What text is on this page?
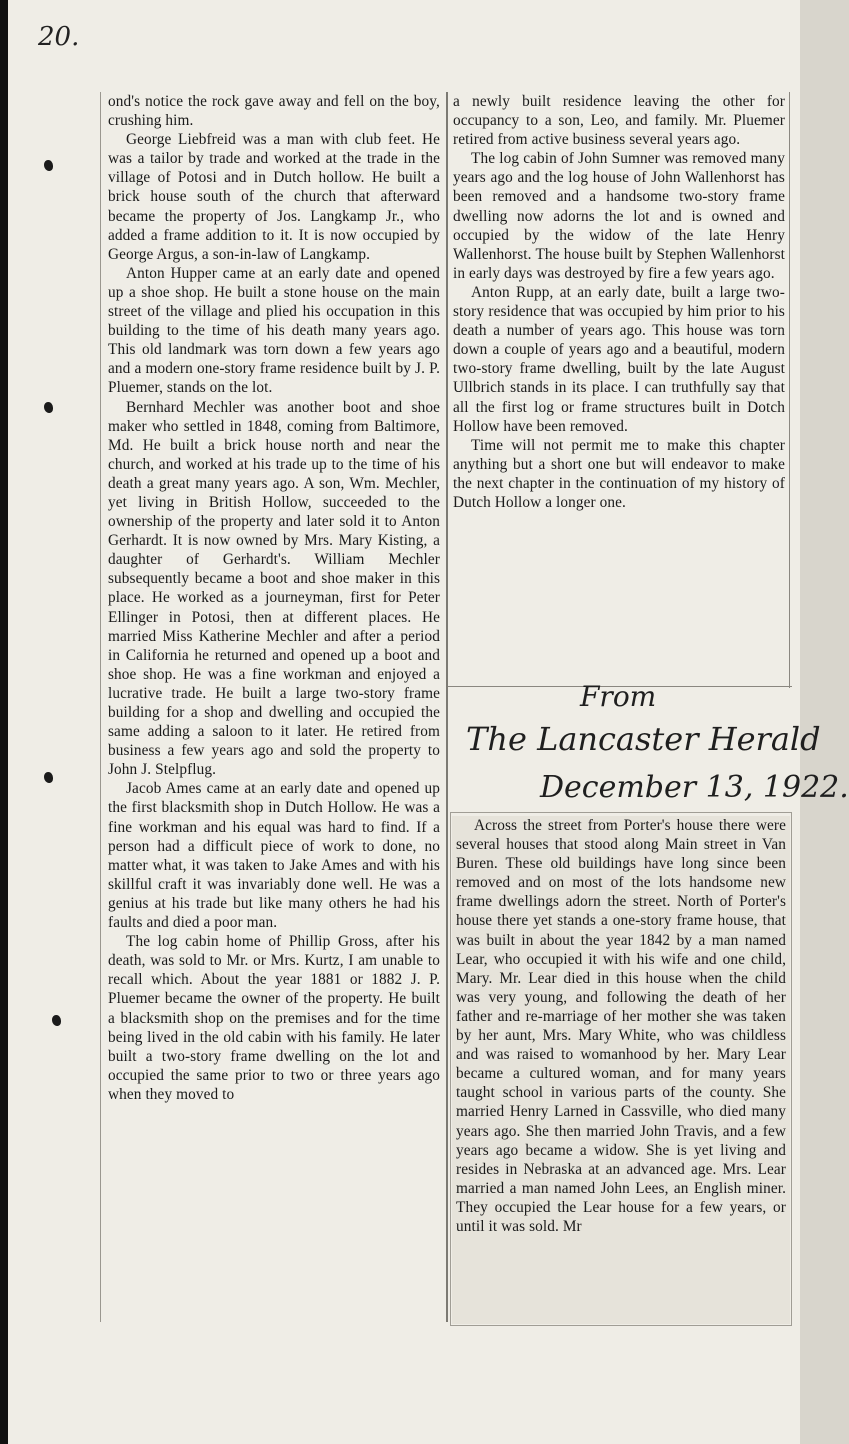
20.

ond's notice the rock gave away and fell on the boy, crushing him.

George Liebfreid was a man with club feet. He was a tailor by trade and worked at the trade in the village of Potosi and in Dutch hollow. He built a brick house south of the church that afterward became the property of Jos. Langkamp Jr., who added a frame addition to it. It is now occupied by George Argus, a son-in-law of Langkamp.

Anton Hupper came at an early date and opened up a shoe shop. He built a stone house on the main street of the village and plied his occupation in this building to the time of his death many years ago. This old landmark was torn down a few years ago and a modern one-story frame residence built by J. P. Pluemer, stands on the lot.

Bernhard Mechler was another boot and shoe maker who settled in 1848, coming from Baltimore, Md. He built a brick house north and near the church, and worked at his trade up to the time of his death a great many years ago. A son, Wm. Mechler, yet living in British Hollow, succeeded to the ownership of the property and later sold it to Anton Gerhardt. It is now owned by Mrs. Mary Kisting, a daughter of Gerhardt's. William Mechler subsequently became a boot and shoe maker in this place. He worked as a journeyman, first for Peter Ellinger in Potosi, then at different places. He married Miss Katherine Mechler and after a period in California he returned and opened up a boot and shoe shop. He was a fine workman and enjoyed a lucrative trade. He built a large two-story frame building for a shop and dwelling and occupied the same adding a saloon to it later. He retired from business a few years ago and sold the property to John J. Stelpflug.

Jacob Ames came at an early date and opened up the first blacksmith shop in Dutch Hollow. He was a fine workman and his equal was hard to find. If a person had a difficult piece of work to done, no matter what, it was taken to Jake Ames and with his skillful craft it was invariably done well. He was a genius at his trade but like many others he had his faults and died a poor man.

The log cabin home of Phillip Gross, after his death, was sold to Mr. or Mrs. Kurtz, I am unable to recall which. About the year 1881 or 1882 J. P. Pluemer became the owner of the property. He built a blacksmith shop on the premises and for the time being lived in the old cabin with his family. He later built a two-story frame dwelling on the lot and occupied the same prior to two or three years ago when they moved to

a newly built residence leaving the other for occupancy to a son, Leo, and family. Mr. Pluemer retired from active business several years ago.

The log cabin of John Sumner was removed many years ago and the log house of John Wallenhorst has been removed and a handsome two-story frame dwelling now adorns the lot and is owned and occupied by the widow of the late Henry Wallenhorst. The house built by Stephen Wallenhorst in early days was destroyed by fire a few years ago.

Anton Rupp, at an early date, built a large two-story residence that was occupied by him prior to his death a number of years ago. This house was torn down a couple of years ago and a beautiful, modern two-story frame dwelling, built by the late August Ullbrich stands in its place. I can truthfully say that all the first log or frame structures built in Dotch Hollow have been removed.

Time will not permit me to make this chapter anything but a short one but will endeavor to make the next chapter in the continuation of my history of Dutch Hollow a longer one.

From
The Lancaster Herald
December 13, 1922.

Across the street from Porter's house there were several houses that stood along Main street in Van Buren. These old buildings have long since been removed and on most of the lots handsome new frame dwellings adorn the street. North of Porter's house there yet stands a one-story frame house, that was built in about the year 1842 by a man named Lear, who occupied it with his wife and one child, Mary. Mr. Lear died in this house when the child was very young, and following the death of her father and re-marriage of her mother she was taken by her aunt, Mrs. Mary White, who was childless and was raised to womanhood by her. Mary Lear became a cultured woman, and for many years taught school in various parts of the county. She married Henry Larned in Cassville, who died many years ago. She then married John Travis, and a few years ago became a widow. She is yet living and resides in Nebraska at an advanced age. Mrs. Lear married a man named John Lees, an English miner. They occupied the Lear house for a few years, or until it was sold. Mr
